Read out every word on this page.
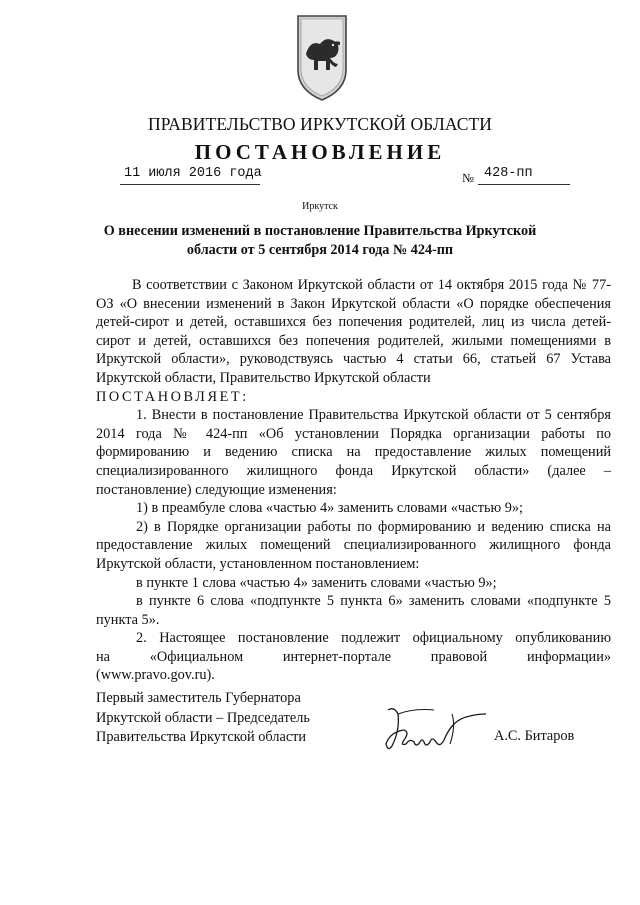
ПРАВИТЕЛЬСТВО ИРКУТСКОЙ ОБЛАСТИ
ПОСТАНОВЛЕНИЕ
11 июля 2016 года	№ 428-пп
Иркутск
О внесении изменений в постановление Правительства Иркутской
области от 5 сентября 2014 года № 424-пп

В соответствии с Законом Иркутской области от 14 октября 2015 года № 77-ОЗ «О внесении изменений в Закон Иркутской области «О порядке обеспечения детей-сирот и детей, оставшихся без попечения родителей, лиц из числа детей-сирот и детей, оставшихся без попечения родителей, жилыми помещениями в Иркутской области», руководствуясь частью 4 статьи 66, статьей 67 Устава Иркутской области, Правительство Иркутской области

ПОСТАНОВЛЯЕТ:

1. Внести в постановление Правительства Иркутской области от 5 сентября 2014 года № 424-пп «Об установлении Порядка организации работы по формированию и ведению списка на предоставление жилых помещений специализированного жилищного фонда Иркутской области» (далее – постановление) следующие изменения:

1) в преамбуле слова «частью 4» заменить словами «частью 9»;

2) в Порядке организации работы по формированию и ведению списка на предоставление жилых помещений специализированного жилищного фонда Иркутской области, установленном постановлением:

в пункте 1 слова «частью 4» заменить словами «частью 9»;

в пункте 6 слова «подпункте 5 пункта 6» заменить словами «подпункте 5 пункта 5».

2. Настоящее постановление подлежит официальному опубликованию

на «Официальном интернет-портале правовой информации»

(www.pravo.gov.ru).

Первый заместитель Губернатора
Иркутской области – Председатель
Правительства Иркутской области	А.С. Битаров
